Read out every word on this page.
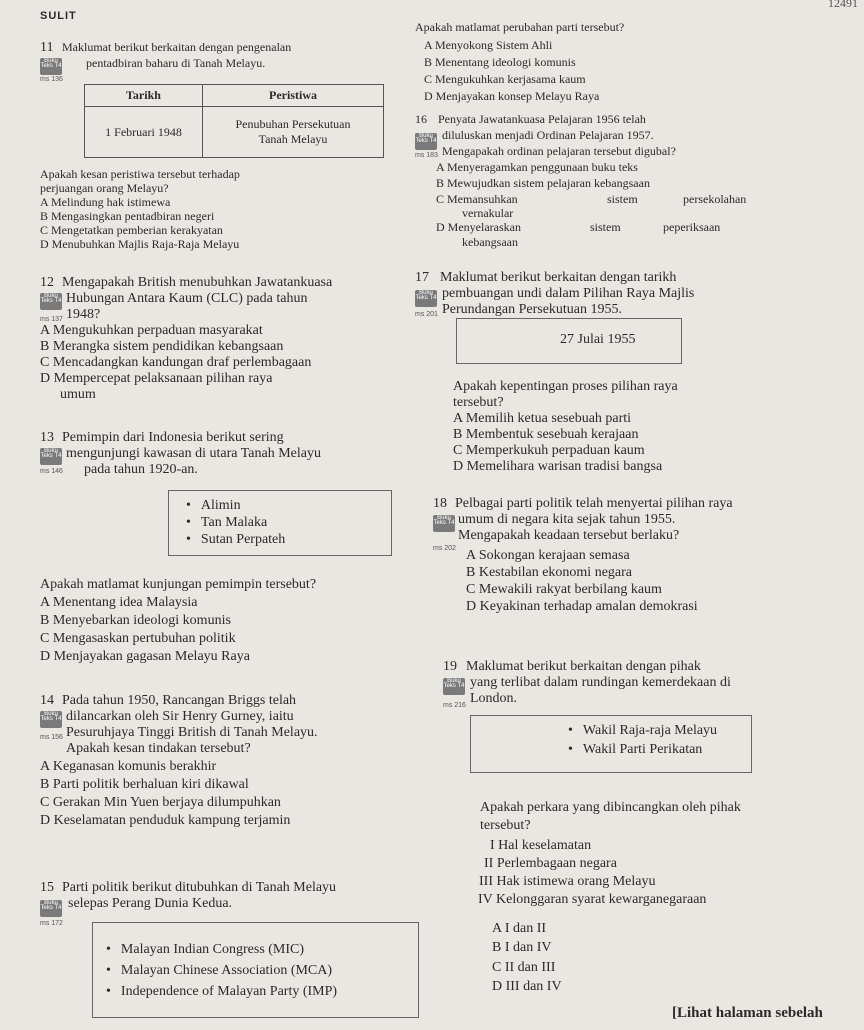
SULIT
12491
11 Maklumat berikut berkaitan dengan pengenalan
Buku Teks T4 pentadbiran baharu di Tanah Melayu.
ms 136
Tarikh	Peristiwa
1 Februari 1948	Penubuhan Persekutuan
Tanah Melayu
Apakah kesan peristiwa tersebut terhadap
perjuangan orang Melayu?
A Melindung hak istimewa
B Mengasingkan pentadbiran negeri
C Mengetatkan pemberian kerakyatan
D Menubuhkan Majlis Raja-Raja Melayu
12 Mengapakah British menubuhkan Jawatankuasa
Buku Teks T4 Hubungan Antara Kaum (CLC) pada tahun
1948?
ms 137
A Mengukuhkan perpaduan masyarakat
B Merangka sistem pendidikan kebangsaan
C Mencadangkan kandungan draf perlembagaan
D Mempercepat pelaksanaan pilihan raya
umum
13 Pemimpin dari Indonesia berikut sering
Buku Teks T4 mengunjungi kawasan di utara Tanah Melayu
pada tahun 1920-an.
ms 146
• Alimin
• Tan Malaka
• Sutan Perpateh
Apakah matlamat kunjungan pemimpin tersebut?
A Menentang idea Malaysia
B Menyebarkan ideologi komunis
C Mengasaskan pertubuhan politik
D Menjayakan gagasan Melayu Raya
14 Pada tahun 1950, Rancangan Briggs telah
Buku Teks T4 dilancarkan oleh Sir Henry Gurney, iaitu
Pesuruhjaya Tinggi British di Tanah Melayu.
ms 156
Apakah kesan tindakan tersebut?
A Keganasan komunis berakhir
B Parti politik berhaluan kiri dikawal
C Gerakan Min Yuen berjaya dilumpuhkan
D Keselamatan penduduk kampung terjamin
15 Parti politik berikut ditubuhkan di Tanah Melayu
Buku Teks T4 selepas Perang Dunia Kedua.
ms 172
• Malayan Indian Congress (MIC)
• Malayan Chinese Association (MCA)
• Independence of Malayan Party (IMP)
Apakah matlamat perubahan parti tersebut?
A Menyokong Sistem Ahli
B Menentang ideologi komunis
C Mengukuhkan kerjasama kaum
D Menjayakan konsep Melayu Raya
16 Penyata Jawatankuasa Pelajaran 1956 telah
Buku Teks T4 diluluskan menjadi Ordinan Pelajaran 1957.
Mengapakah ordinan pelajaran tersebut digubal?
ms 183
A Menyeragamkan penggunaan buku teks
B Mewujudkan sistem pelajaran kebangsaan
C Memansuhkan	sistem	persekolahan
vernakular
D Menyelaraskan	sistem	peperiksaan
kebangsaan
17 Maklumat berikut berkaitan dengan tarikh
Buku Teks T4 pembuangan undi dalam Pilihan Raya Majlis
Perundangan Persekutuan 1955.
ms 201
27 Julai 1955
Apakah kepentingan proses pilihan raya
tersebut?
A Memilih ketua sesebuah parti
B Membentuk sesebuah kerajaan
C Memperkukuh perpaduan kaum
D Memelihara warisan tradisi bangsa
18 Pelbagai parti politik telah menyertai pilihan raya
Buku Teks T4 umum di negara kita sejak tahun 1955.
Mengapakah keadaan tersebut berlaku?
ms 202 A Sokongan kerajaan semasa
B Kestabilan ekonomi negara
C Mewakili rakyat berbilang kaum
D Keyakinan terhadap amalan demokrasi
19 Maklumat berikut berkaitan dengan pihak
Buku Teks T4 yang terlibat dalam rundingan kemerdekaan di
London.
ms 216
• Wakil Raja-raja Melayu
• Wakil Parti Perikatan
Apakah perkara yang dibincangkan oleh pihak
tersebut?
I Hal keselamatan
II Perlembagaan negara
III Hak istimewa orang Melayu
IV Kelonggaran syarat kewarganegaraan
A I dan II
B I dan IV
C II dan III
D III dan IV
[Lihat halaman sebelah
